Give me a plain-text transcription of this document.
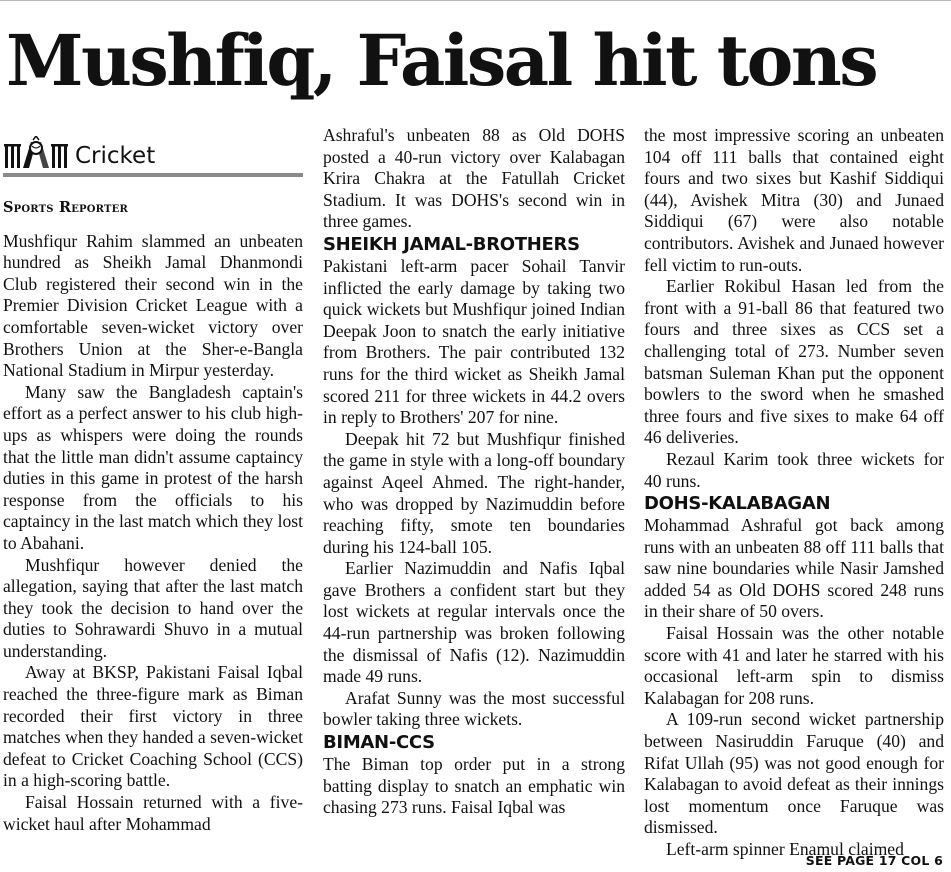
Mushfiq, Faisal hit tons
Cricket
Sports Reporter

Mushfiqur Rahim slammed an unbeaten hundred as Sheikh Jamal Dhanmondi Club registered their second win in the Premier Division Cricket League with a comfortable seven-wicket victory over Brothers Union at the Sher-e-Bangla National Stadium in Mirpur yesterday.

Many saw the Bangladesh captain's effort as a perfect answer to his club high-ups as whispers were doing the rounds that the little man didn't assume captaincy duties in this game in protest of the harsh response from the officials to his captaincy in the last match which they lost to Abahani.

Mushfiqur however denied the allegation, saying that after the last match they took the decision to hand over the duties to Sohrawardi Shuvo in a mutual understanding.

Away at BKSP, Pakistani Faisal Iqbal reached the three-figure mark as Biman recorded their first victory in three matches when they handed a seven-wicket defeat to Cricket Coaching School (CCS) in a high-scoring battle.

Faisal Hossain returned with a five-wicket haul after Mohammad

Ashraful's unbeaten 88 as Old DOHS posted a 40-run victory over Kalabagan Krira Chakra at the Fatullah Cricket Stadium. It was DOHS's second win in three games.

SHEIKH JAMAL-BROTHERS

Pakistani left-arm pacer Sohail Tanvir inflicted the early damage by taking two quick wickets but Mushfiqur joined Indian Deepak Joon to snatch the early initiative from Brothers. The pair contributed 132 runs for the third wicket as Sheikh Jamal scored 211 for three wickets in 44.2 overs in reply to Brothers' 207 for nine.

Deepak hit 72 but Mushfiqur finished the game in style with a long-off boundary against Aqeel Ahmed. The right-hander, who was dropped by Nazimuddin before reaching fifty, smote ten boundaries during his 124-ball 105.

Earlier Nazimuddin and Nafis Iqbal gave Brothers a confident start but they lost wickets at regular intervals once the 44-run partnership was broken following the dismissal of Nafis (12). Nazimuddin made 49 runs.

Arafat Sunny was the most successful bowler taking three wickets.

BIMAN-CCS

The Biman top order put in a strong batting display to snatch an emphatic win chasing 273 runs. Faisal Iqbal was

the most impressive scoring an unbeaten 104 off 111 balls that contained eight fours and two sixes but Kashif Siddiqui (44), Avishek Mitra (30) and Junaed Siddiqui (67) were also notable contributors. Avishek and Junaed however fell victim to run-outs.

Earlier Rokibul Hasan led from the front with a 91-ball 86 that featured two fours and three sixes as CCS set a challenging total of 273. Number seven batsman Suleman Khan put the opponent bowlers to the sword when he smashed three fours and five sixes to make 64 off 46 deliveries.

Rezaul Karim took three wickets for 40 runs.

DOHS-KALABAGAN

Mohammad Ashraful got back among runs with an unbeaten 88 off 111 balls that saw nine boundaries while Nasir Jamshed added 54 as Old DOHS scored 248 runs in their share of 50 overs.

Faisal Hossain was the other notable score with 41 and later he starred with his occasional left-arm spin to dismiss Kalabagan for 208 runs.

A 109-run second wicket partnership between Nasiruddin Faruque (40) and Rifat Ullah (95) was not good enough for Kalabagan to avoid defeat as their innings lost momentum once Faruque was dismissed.

Left-arm spinner Enamul claimed

SEE PAGE 17 COL 6
